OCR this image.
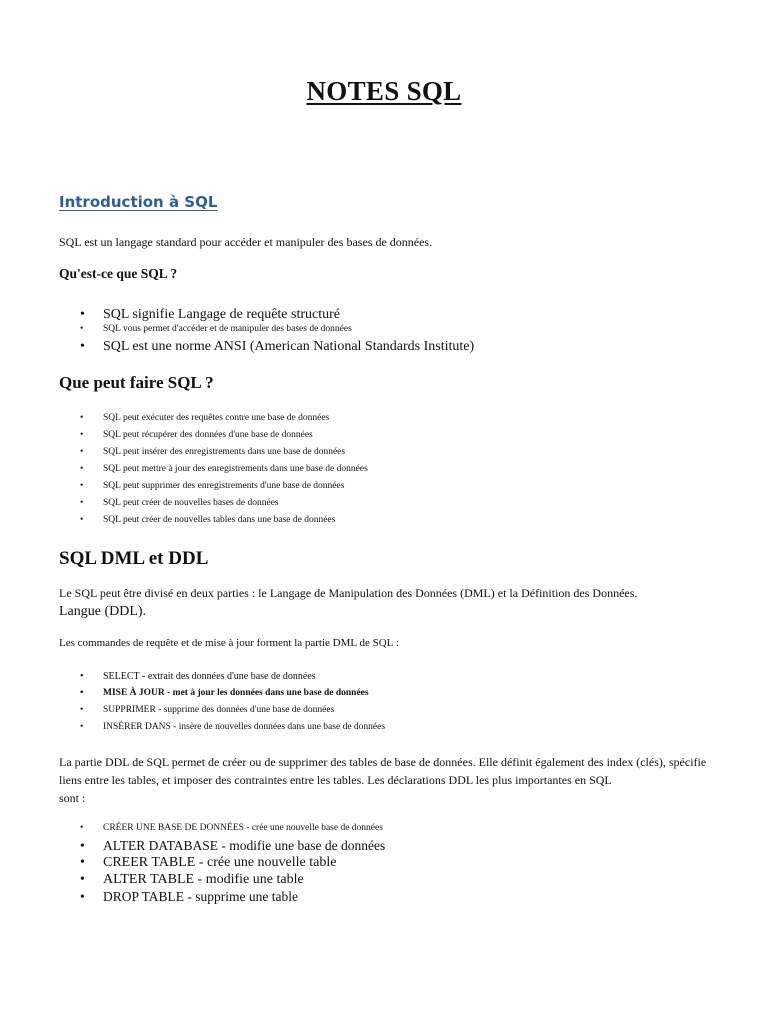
NOTES SQL
Introduction à SQL
SQL est un langage standard pour accéder et manipuler des bases de données.
Qu'est-ce que SQL ?
• SQL signifie Langage de requête structuré
• SQL vous permet d'accéder et de manipuler des bases de données
• SQL est une norme ANSI (American National Standards Institute)
Que peut faire SQL ?
• SQL peut exécuter des requêtes contre une base de données
• SQL peut récupérer des données d'une base de données
• SQL peut insérer des enregistrements dans une base de données
• SQL peut mettre à jour des enregistrements dans une base de données
• SQL peut supprimer des enregistrements d'une base de données
• SQL peut créer de nouvelles bases de données
• SQL peut créer de nouvelles tables dans une base de données
SQL DML et DDL
Le SQL peut être divisé en deux parties : le Langage de Manipulation des Données (DML) et la Définition des Données.
Langue (DDL).
Les commandes de requête et de mise à jour forment la partie DML de SQL :
• SELECT - extrait des données d'une base de données
• MISE À JOUR - met à jour les données dans une base de données
• SUPPRIMER - supprime des données d'une base de données
• INSÉRER DANS - insère de nouvelles données dans une base de données
La partie DDL de SQL permet de créer ou de supprimer des tables de base de données. Elle définit également des index (clés), spécifie
liens entre les tables, et imposer des contraintes entre les tables. Les déclarations DDL les plus importantes en SQL
sont :
• CRÉER UNE BASE DE DONNÉES - crée une nouvelle base de données
• ALTER DATABASE - modifie une base de données
• CREER TABLE - crée une nouvelle table
• ALTER TABLE - modifie une table
• DROP TABLE - supprime une table
